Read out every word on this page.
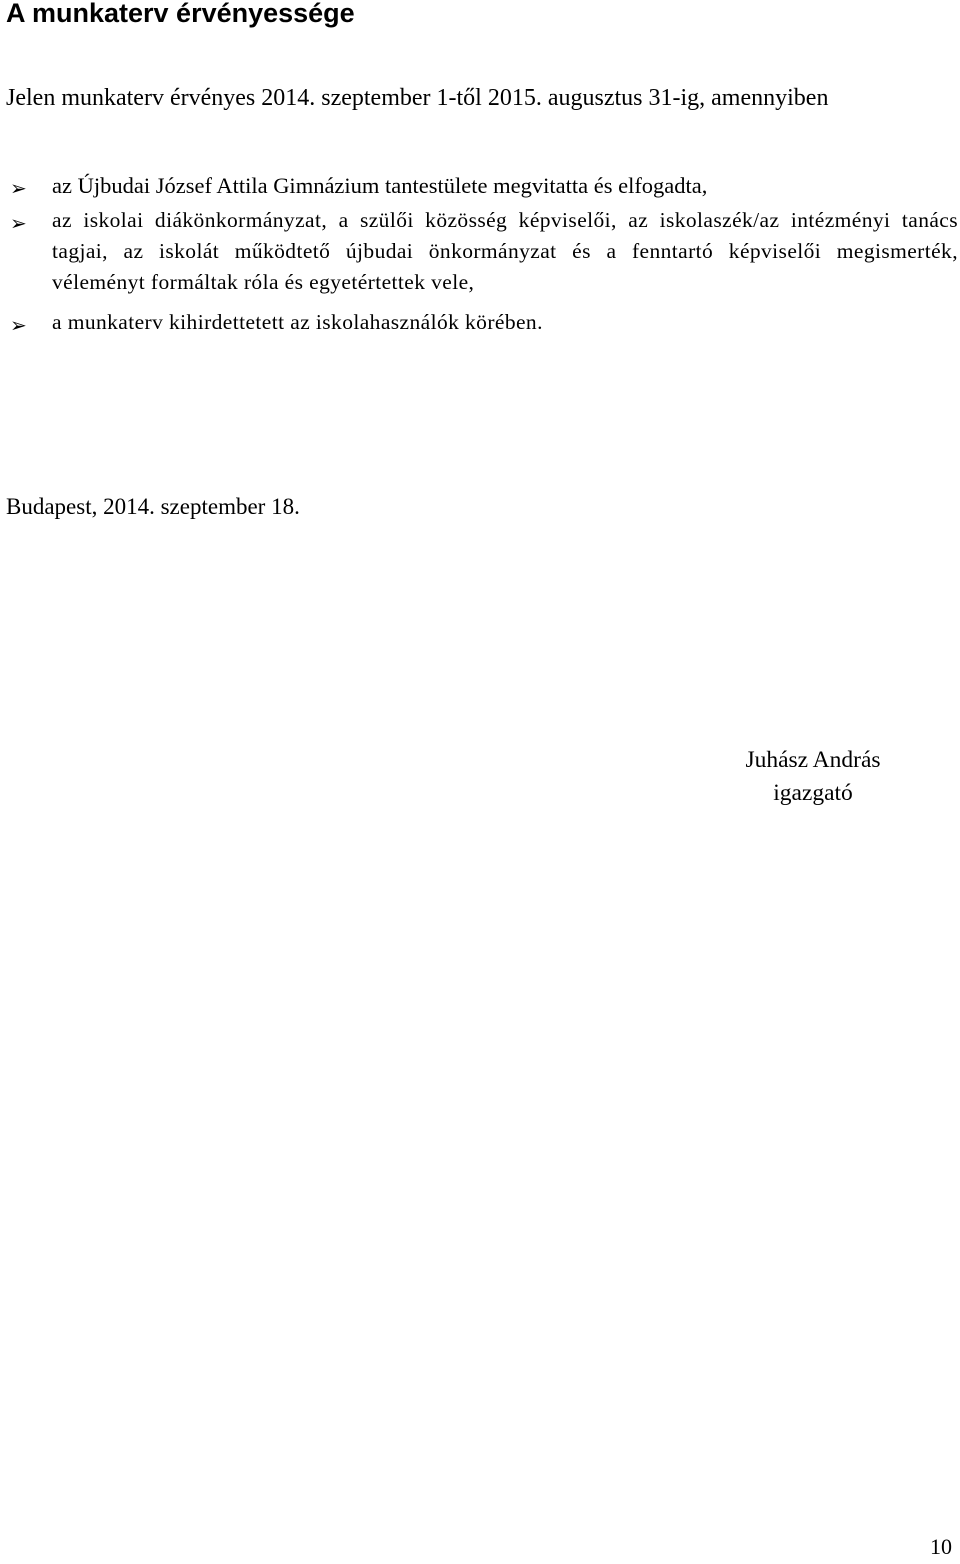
A munkaterv érvényessége

Jelen munkaterv érvényes 2014. szeptember 1-től 2015. augusztus 31-ig, amennyiben

➢ az Újbudai József Attila Gimnázium tantestülete megvitatta és elfogadta,
➢ az iskolai diákönkormányzat, a szülői közösség képviselői, az iskolaszék/az intézményi tanács tagjai, az iskolát működtető újbudai önkormányzat és a fenntartó képviselői megismerték, véleményt formáltak róla és egyetértettek vele,
➢ a munkaterv kihirdettetett az iskolahasználók körében.

Budapest, 2014. szeptember 18.

Juhász András
igazgató
10
